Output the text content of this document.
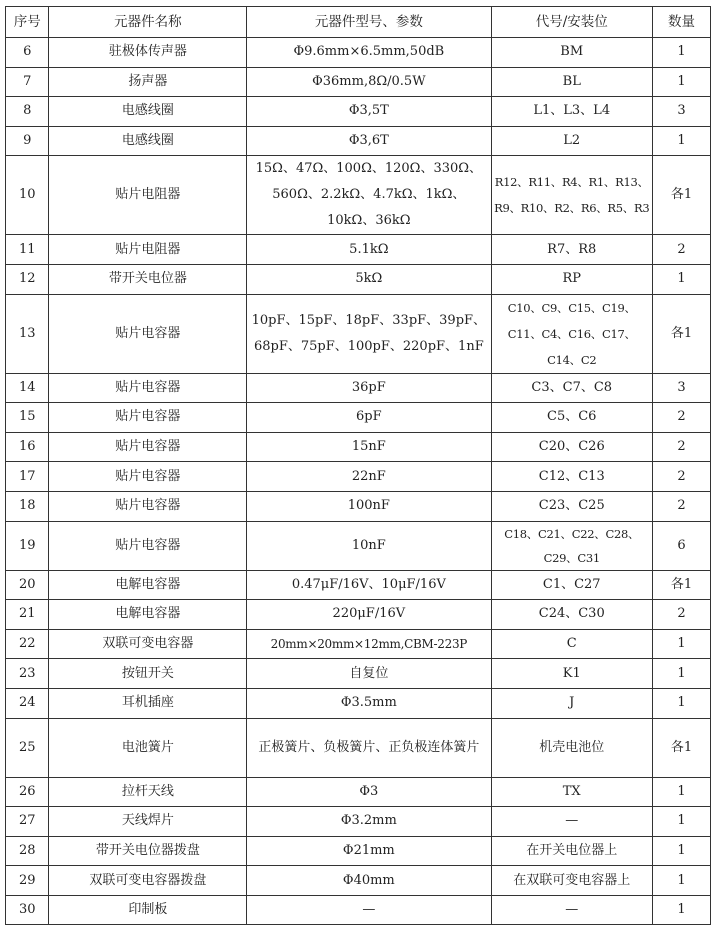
序号	元器件名称	元器件型号、参数	代号/安装位	数量
6	驻极体传声器	Φ9.6mm×6.5mm,50dB	BM	1
7	扬声器	Φ36mm,8Ω/0.5W	BL	1
8	电感线圈	Φ3,5T	L1、L3、L4	3
9	电感线圈	Φ3,6T	L2	1
10	贴片电阻器	15Ω、47Ω、100Ω、120Ω、330Ω、560Ω、2.2kΩ、4.7kΩ、1kΩ、10kΩ、36kΩ	R12、R11、R4、R1、R13、R9、R10、R2、R6、R5、R3	各1
11	贴片电阻器	5.1kΩ	R7、R8	2
12	带开关电位器	5kΩ	RP	1
13	贴片电容器	10pF、15pF、18pF、33pF、39pF、68pF、75pF、100pF、220pF、1nF	C10、C9、C15、C19、C11、C4、C16、C17、C14、C2	各1
14	贴片电容器	36pF	C3、C7、C8	3
15	贴片电容器	6pF	C5、C6	2
16	贴片电容器	15nF	C20、C26	2
17	贴片电容器	22nF	C12、C13	2
18	贴片电容器	100nF	C23、C25	2
19	贴片电容器	10nF	C18、C21、C22、C28、C29、C31	6
20	电解电容器	0.47μF/16V、10μF/16V	C1、C27	各1
21	电解电容器	220μF/16V	C24、C30	2
22	双联可变电容器	20mm×20mm×12mm,CBM-223P	C	1
23	按钮开关	自复位	K1	1
24	耳机插座	Φ3.5mm	J	1
25	电池簧片	正极簧片、负极簧片、正负极连体簧片	机壳电池位	各1
26	拉杆天线	Φ3	TX	1
27	天线焊片	Φ3.2mm	—	1
28	带开关电位器拨盘	Φ21mm	在开关电位器上	1
29	双联可变电容器拨盘	Φ40mm	在双联可变电容器上	1
30	印制板	—	—	1
